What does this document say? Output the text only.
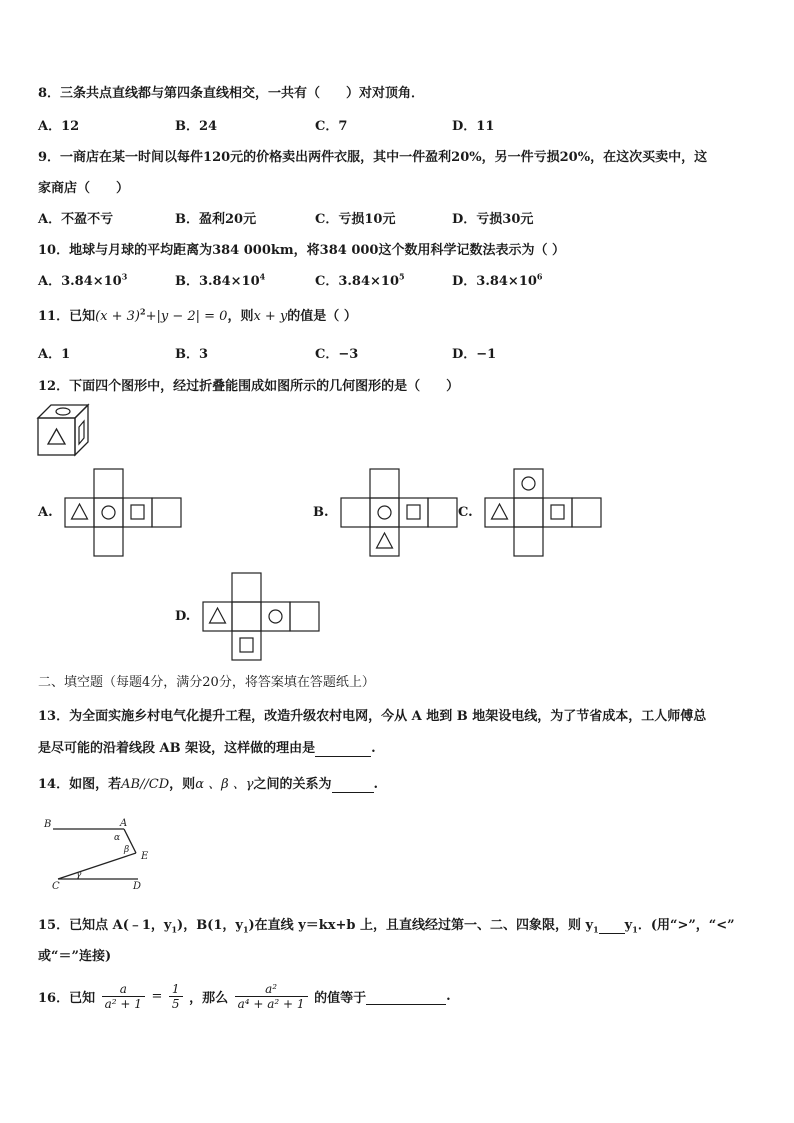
8．三条共点直线都与第四条直线相交，一共有（　　）对对顶角．
A．12	B．24	C．7	D．11
9．一商店在某一时间以每件120元的价格卖出两件衣服，其中一件盈利20%，另一件亏损20%，在这次买卖中，这
家商店（　　）
A．不盈不亏	B．盈利20元	C．亏损10元	D．亏损30元
10．地球与月球的平均距离为384 000km，将384 000这个数用科学记数法表示为（ ）
A．$3.84\times 10^3$	B．$3.84\times 10^4$	C．$3.84\times 10^5$	D．$3.84\times 10^6$
11．已知$(x + 3)^2+|y - 2| = 0$，则x + y的值是（ ）
A．1	B．3	C．−3	D．−1
12．下面四个图形中，经过折叠能围成如图所示的几何图形的是（　　）
A.	B.	C.
D.
二、填空题（每题4分，满分20分，将答案填在答题纸上）
13．为全面实施乡村电气化提升工程，改造升级农村电网，今从 A 地到 B 地架设电线，为了节省成本，工人师傅总
是尽可能的沿着线段 AB 架设，这样做的理由是	.
14．如图，若AB//CD，则α 、β 、γ之间的关系为	.
B	A
α
β
E
γ
C	D
15．已知点 A(﹣1，$y_1$)，B(1，$y_1$)在直线 y＝kx+b 上，且直线经过第一、二、四象限，则 $y_1$ $y_1$．(用“>”，“<”
或“＝”连接)
16．已知 $\frac{a}{\text{a² + 1}} = \frac{1}{5}$ ，那么 $\frac{\text{a²}}{\text{a⁴ + a² + 1}}$ 的值等于	.
